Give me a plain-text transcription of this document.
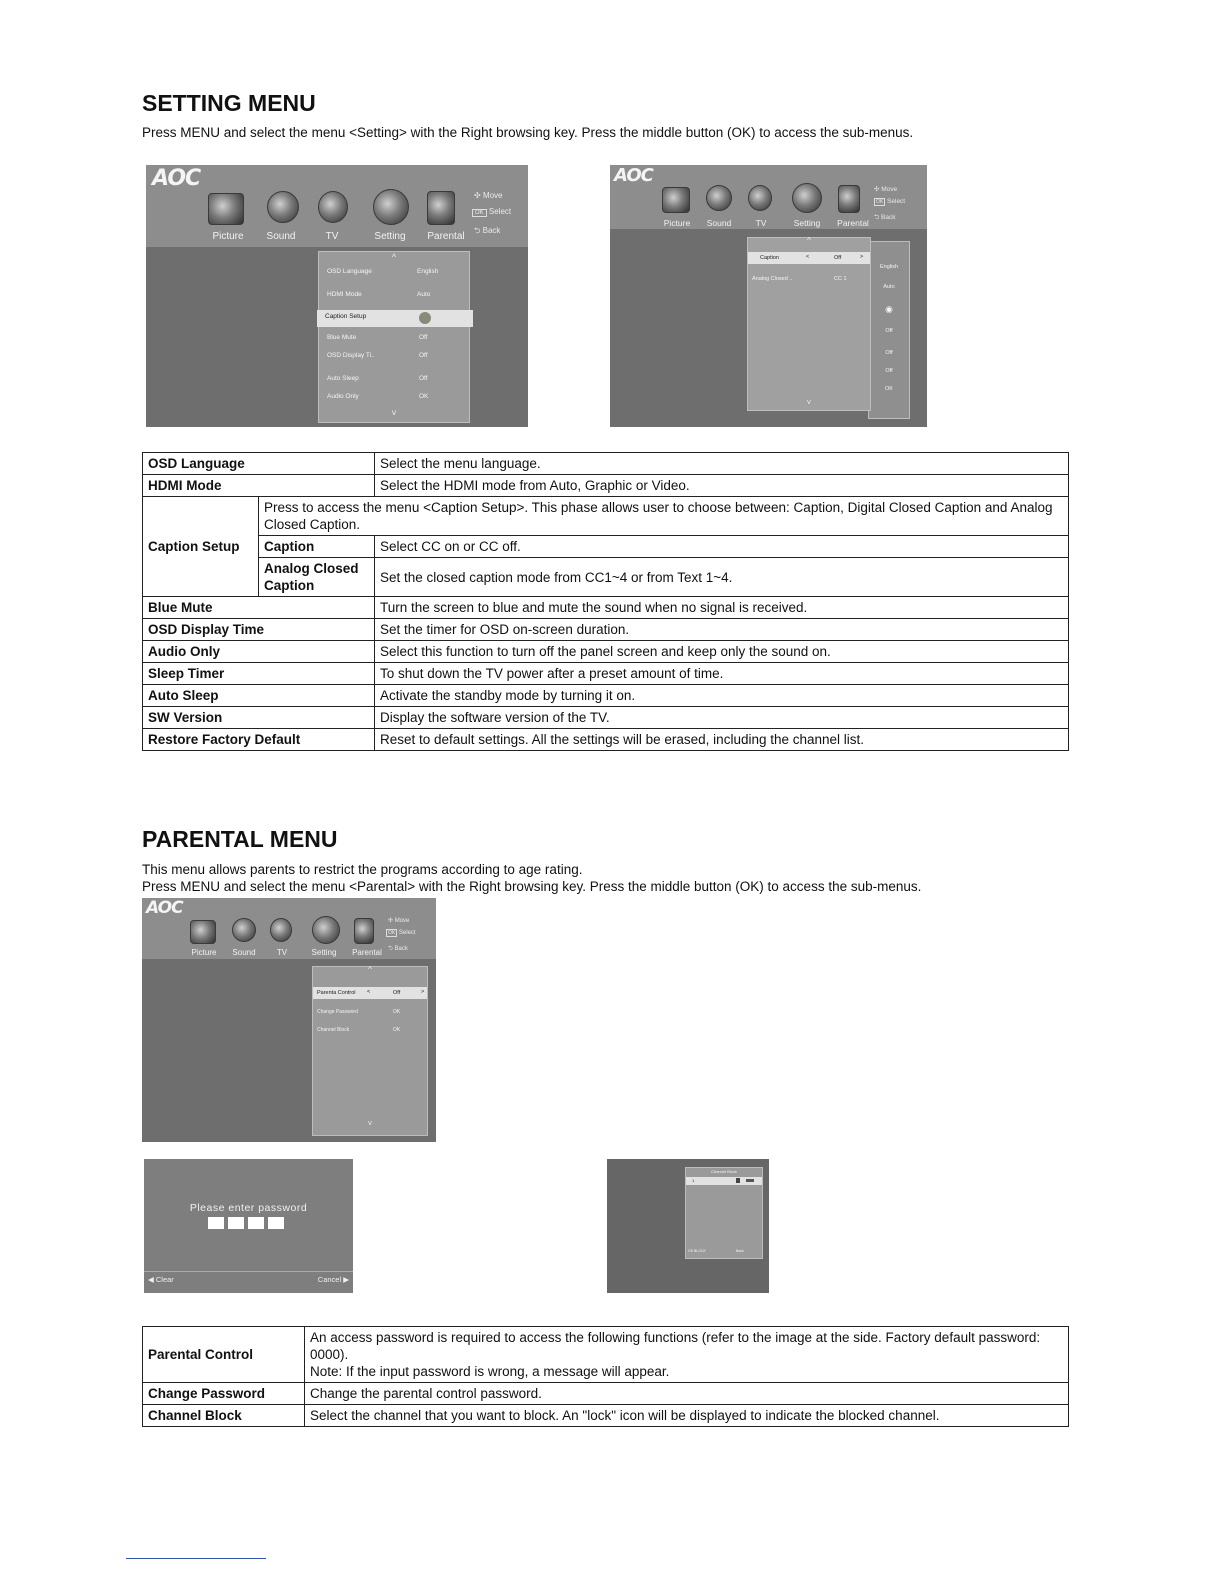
SETTING MENU
Press MENU and select the menu <Setting> with the Right browsing key. Press the middle button (OK) to access the sub-menus.
AOC
Picture	Sound	TV	Setting	Parental
✣ Move
OK Select
⮌ Back
^
OSD Language	English
HDMI Mode	Auto
Caption Setup
Blue Mute	Off
OSD Display Ti..	Off
Auto Sleep	Off
Audio Only	OK
˅
AOC
Picture	Sound	TV	Setting	Parental
✣ Move
OK Select
⮌ Back
English
Auto
◉
Off
Off
Off
OK
^
Caption	<	Off	>
Analog Closed ..	CC 1
˅
OSD Language		Select the menu language.
HDMI Mode		Select the HDMI mode from Auto, Graphic or Video.
Caption Setup	Press to access the menu <Caption Setup>. This phase allows user to choose between: Caption, Digital Closed Caption and Analog Closed Caption.	
	Caption	Select CC on or CC off.
	Analog Closed Caption	Set the closed caption mode from CC1~4 or from Text 1~4.
Blue Mute		Turn the screen to blue and mute the sound when no signal is received.
OSD Display Time		Set the timer for OSD on-screen duration.
Audio Only		Select this function to turn off the panel screen and keep only the sound on.
Sleep Timer		To shut down the TV power after a preset amount of time.
Auto Sleep		Activate the standby mode by turning it on.
SW Version		Display the software version of the TV.
Restore Factory Default		Reset to default settings. All the settings will be erased, including the channel list.
PARENTAL MENU
This menu allows parents to restrict the programs according to age rating.
Press MENU and select the menu <Parental> with the Right browsing key. Press the middle button (OK) to access the sub-menus.
AOC
Picture	Sound	TV	Setting	Parental
✣ Move
OK Select
⮌ Back
^
Parenta Control <	Off	>
Change Password	OK
Channel Block	OK
˅
Please enter password
◀ Clear	Cancel ▶
Channel Block
1
OK BLOCK	Back
Parental Control	An access password is required to access the following functions (refer to the image at the side. Factory default password: 0000).
Note: If the input password is wrong, a message will appear.

Change Password	Change the parental control password.
Channel Block	Select the channel that you want to block. An "lock" icon will be displayed to indicate the blocked channel.
